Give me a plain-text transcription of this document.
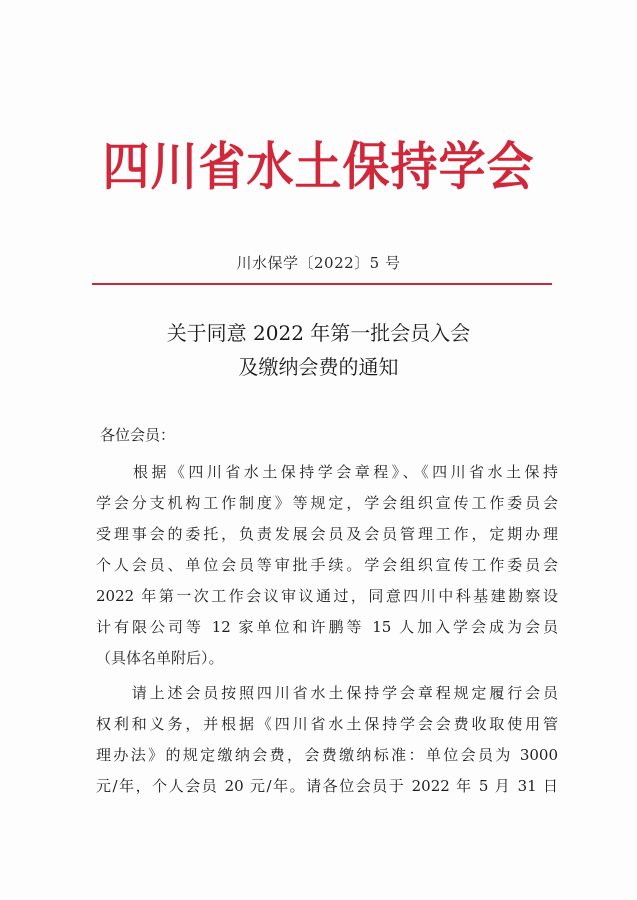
四川省水土保持学会
川水保学〔2022〕5 号
关于同意 2022 年第一批会员入会
及缴纳会费的通知
各位会员：
　　根据《四川省水土保持学会章程》、《四川省水土保持
学会分支机构工作制度》等规定，学会组织宣传工作委员会
受理事会的委托，负责发展会员及会员管理工作，定期办理
个人会员、单位会员等审批手续。学会组织宣传工作委员会
2022 年第一次工作会议审议通过，同意四川中科基建勘察设
计有限公司等 12 家单位和许鹏等 15 人加入学会成为会员
（具体名单附后）。
　　请上述会员按照四川省水土保持学会章程规定履行会员
权利和义务，并根据《四川省水土保持学会会费收取使用管
理办法》的规定缴纳会费，会费缴纳标准：单位会员为 3000
元/年，个人会员 20 元/年。请各位会员于 2022 年 5 月 31 日
